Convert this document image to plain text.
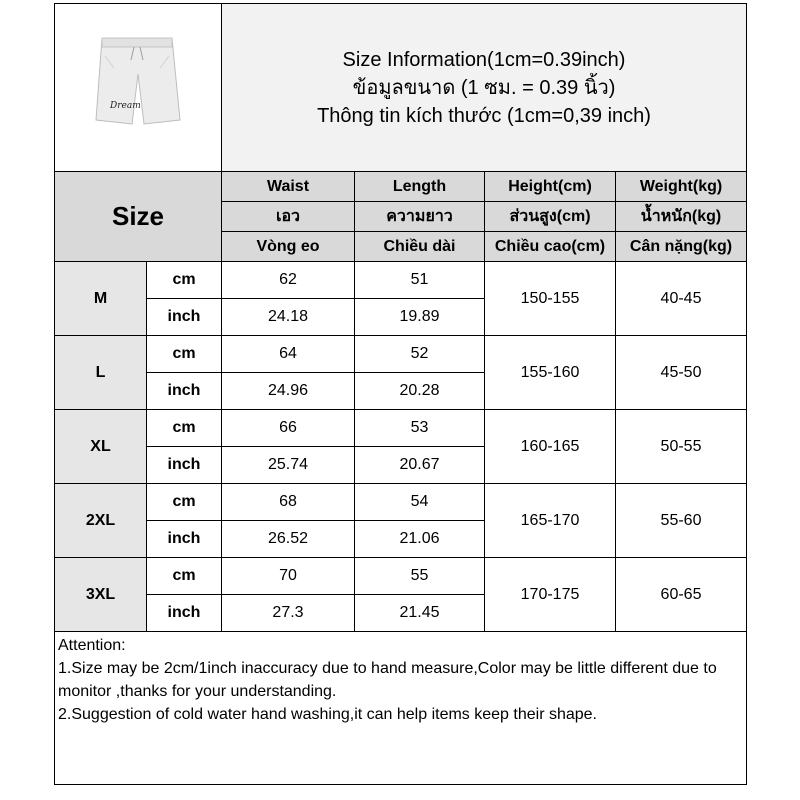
Dream		Size Information(1cm=0.39inch)
ข้อมูลขนาด (1 ซม. = 0.39 นิ้ว)
Thông tin kích thước (1cm=0,39 inch)			

Size		Waist	Length	Height(cm)	Weight(kg)
		เอว	ความยาว	ส่วนสูง(cm)	น้ำหนัก(kg)
		Vòng eo	Chiều dài	Chiều cao(cm)	Cân nặng(kg)
M	cm	62	51	150-155	40-45
	inch	24.18	19.89		
L	cm	64	52	155-160	45-50
	inch	24.96	20.28		
XL	cm	66	53	160-165	50-55
	inch	25.74	20.67		
2XL	cm	68	54	165-170	55-60
	inch	26.52	21.06		
3XL	cm	70	55	170-175	60-65
	inch	27.3	21.45		

Attention:
1.Size may be 2cm/1inch inaccuracy due to hand measure,Color may be little different due to monitor ,thanks for your understanding.
2.Suggestion of cold water hand washing,it can help items keep their shape.					
